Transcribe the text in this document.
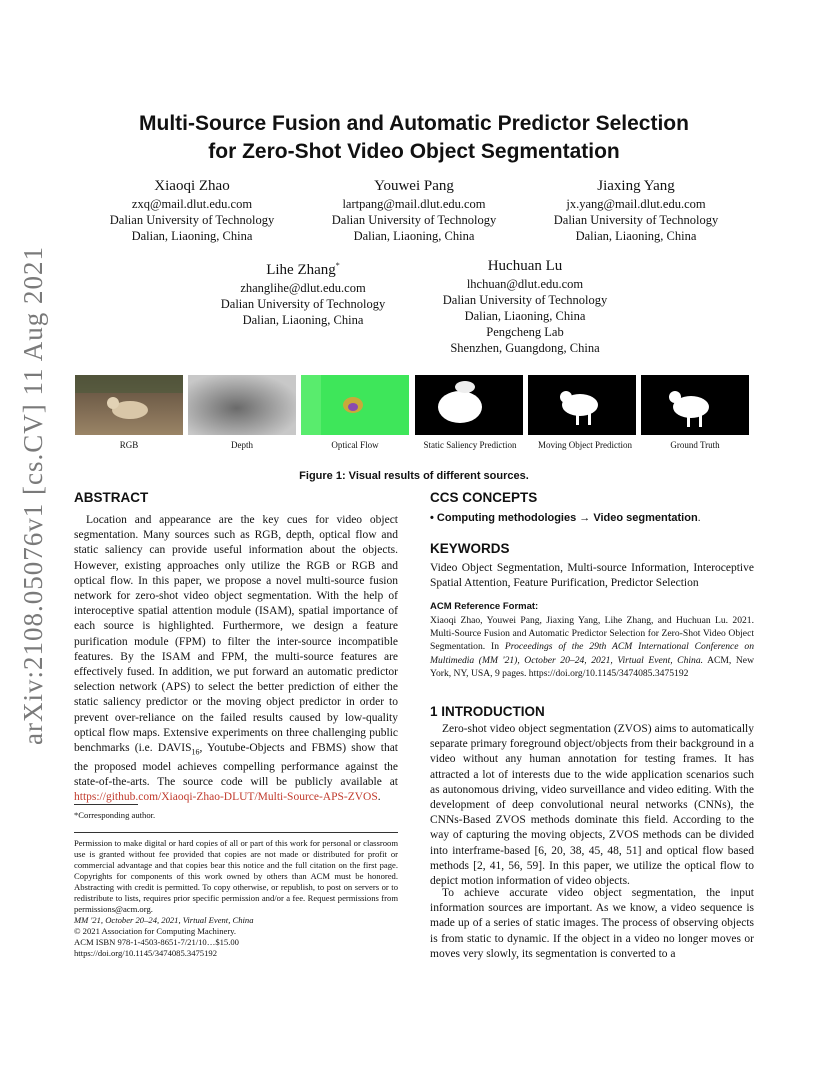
arXiv:2108.05076v1 [cs.CV] 11 Aug 2021
Multi-Source Fusion and Automatic Predictor Selection
for Zero-Shot Video Object Segmentation
Xiaoqi Zhao
zxq@mail.dlut.edu.com
Dalian University of Technology
Dalian, Liaoning, China
Youwei Pang
lartpang@mail.dlut.edu.com
Dalian University of Technology
Dalian, Liaoning, China
Jiaxing Yang
jx.yang@mail.dlut.edu.com
Dalian University of Technology
Dalian, Liaoning, China
Lihe Zhang*
zhanglihe@dlut.edu.com
Dalian University of Technology
Dalian, Liaoning, China
Huchuan Lu
lhchuan@dlut.edu.com
Dalian University of Technology
Dalian, Liaoning, China
Pengcheng Lab
Shenzhen, Guangdong, China
RGB	Depth	Optical Flow	Static Saliency Prediction	Moving Object Prediction	Ground Truth
Figure 1: Visual results of different sources.
ABSTRACT
Location and appearance are the key cues for video object segmentation. Many sources such as RGB, depth, optical flow and static saliency can provide useful information about the objects. However, existing approaches only utilize the RGB or RGB and optical flow. In this paper, we propose a novel multi-source fusion network for zero-shot video object segmentation. With the help of interoceptive spatial attention module (ISAM), spatial importance of each source is highlighted. Furthermore, we design a feature purification module (FPM) to filter the inter-source incompatible features. By the ISAM and FPM, the multi-source features are effectively fused. In addition, we put forward an automatic predictor selection network (APS) to select the better prediction of either the static saliency predictor or the moving object predictor in order to prevent over-reliance on the failed results caused by low-quality optical flow maps. Extensive experiments on three challenging public benchmarks (i.e. $DAVIS_{16}$, Youtube-Objects and FBMS) show that the proposed model achieves compelling performance against the state-of-the-arts. The source code will be publicly available at https://github.com/Xiaoqi-Zhao-DLUT/Multi-Source-APS-ZVOS.
*Corresponding author.
Permission to make digital or hard copies of all or part of this work for personal or classroom use is granted without fee provided that copies are not made or distributed for profit or commercial advantage and that copies bear this notice and the full citation on the first page. Copyrights for components of this work owned by others than ACM must be honored. Abstracting with credit is permitted. To copy otherwise, or republish, to post on servers or to redistribute to lists, requires prior specific permission and/or a fee. Request permissions from permissions@acm.org.
MM '21, October 20–24, 2021, Virtual Event, China
© 2021 Association for Computing Machinery.
ACM ISBN 978-1-4503-8651-7/21/10…$15.00
https://doi.org/10.1145/3474085.3475192
CCS CONCEPTS
• Computing methodologies → Video segmentation.
KEYWORDS
Video Object Segmentation, Multi-source Information, Interoceptive Spatial Attention, Feature Purification, Predictor Selection
ACM Reference Format:
Xiaoqi Zhao, Youwei Pang, Jiaxing Yang, Lihe Zhang, and Huchuan Lu. 2021. Multi-Source Fusion and Automatic Predictor Selection for Zero-Shot Video Object Segmentation. In Proceedings of the 29th ACM International Conference on Multimedia (MM '21), October 20–24, 2021, Virtual Event, China. ACM, New York, NY, USA, 9 pages. https://doi.org/10.1145/3474085.3475192
1 INTRODUCTION
Zero-shot video object segmentation (ZVOS) aims to automatically separate primary foreground object/objects from their background in a video without any human annotation for testing frames. It has attracted a lot of interests due to the wide application scenarios such as autonomous driving, video surveillance and video editing. With the development of deep convolutional neural networks (CNNs), the CNNs-Based ZVOS methods dominate this field. According to the way of capturing the moving objects, ZVOS methods can be divided into interframe-based [6, 20, 38, 45, 48, 51] and optical flow based methods [2, 41, 56, 59]. In this paper, we utilize the optical flow to depict motion information of video objects.
To achieve accurate video object segmentation, the input information sources are important. As we know, a video sequence is made up of a series of static images. The process of observing objects is from static to dynamic. If the object in a video no longer moves or moves very slowly, its segmentation is converted to a
